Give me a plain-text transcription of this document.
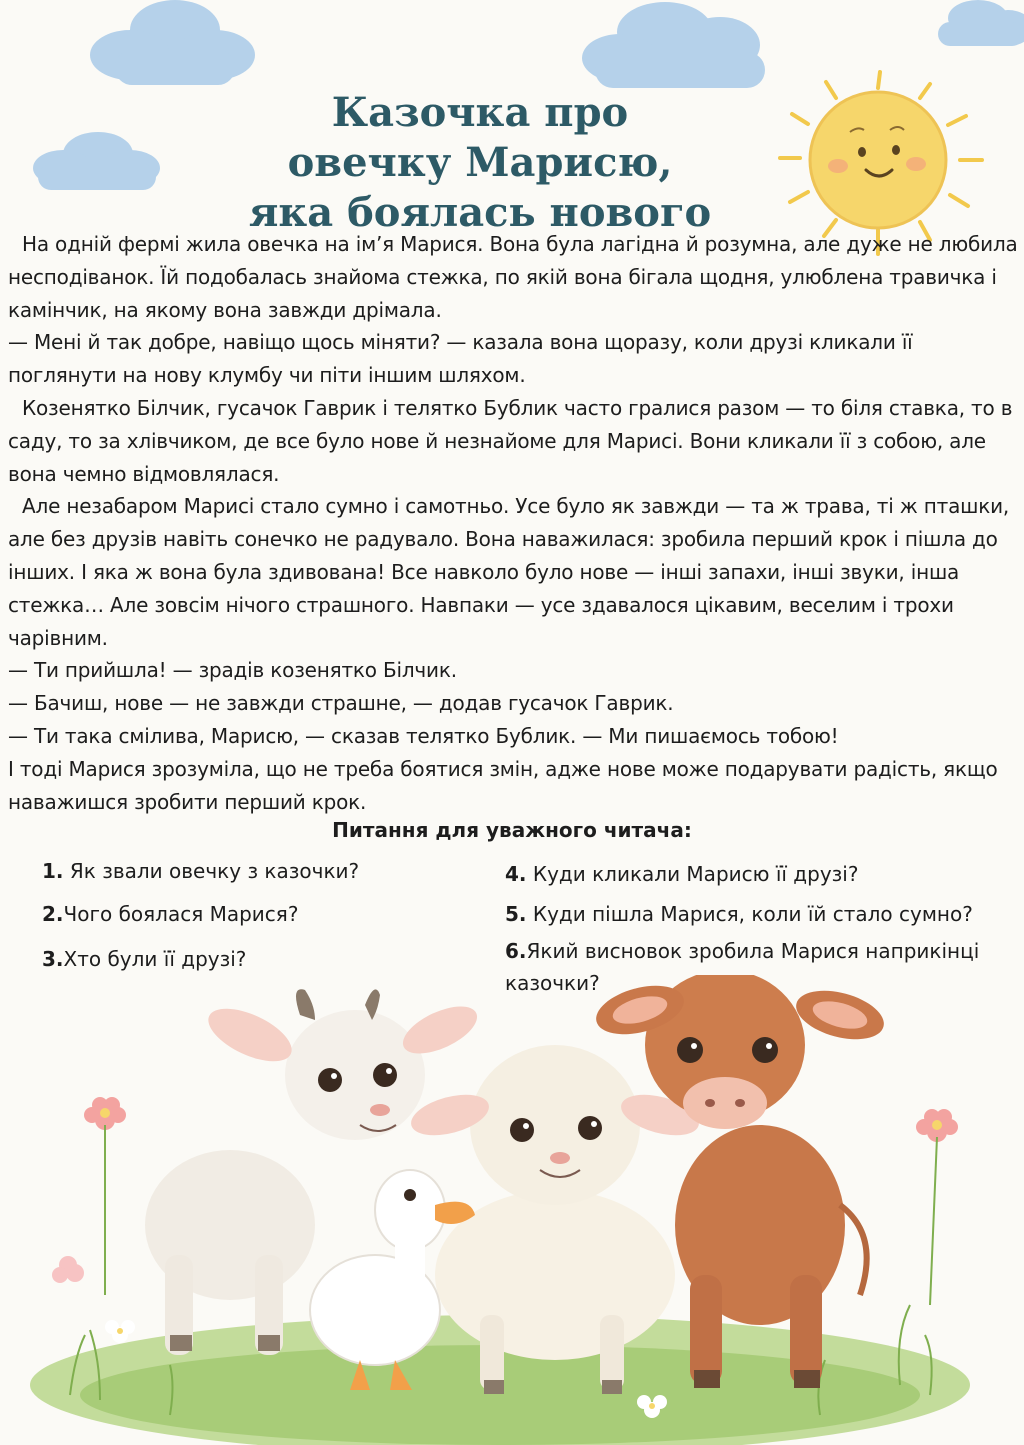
Казочка про
овечку Марисю,
яка боялась нового

На одній фермі жила овечка на ім’я Марися. Вона була лагідна й розумна, але дуже не любила несподіванок. Їй подобалась знайома стежка, по якій вона бігала щодня, улюблена травичка і камінчик, на якому вона завжди дрімала.

— Мені й так добре, навіщо щось міняти? — казала вона щоразу, коли друзі кликали її поглянути на нову клумбу чи піти іншим шляхом.

Козенятко Білчик, гусачок Гаврик і телятко Бублик часто гралися разом — то біля ставка, то в саду, то за хлівчиком, де все було нове й незнайоме для Марисі. Вони кликали її з собою, але вона чемно відмовлялася.

Але незабаром Марисі стало сумно і самотньо. Усе було як завжди — та ж трава, ті ж пташки, але без друзів навіть сонечко не радувало. Вона наважилася: зробила перший крок і пішла до інших. І яка ж вона була здивована! Все навколо було нове — інші запахи, інші звуки, інша стежка… Але зовсім нічого страшного. Навпаки — усе здавалося цікавим, веселим і трохи чарівним.

— Ти прийшла! — зрадів козенятко Білчик.

— Бачиш, нове — не завжди страшне, — додав гусачок Гаврик.

— Ти така смілива, Марисю, — сказав телятко Бублик. — Ми пишаємось тобою!

І тоді Марися зрозуміла, що не треба боятися змін, адже нове може подарувати радість, якщо наважишся зробити перший крок.

Питання для уважного читача:

1. Як звали овечку з казочки?

2.Чого боялася Марися?

3.Хто були її друзі?

4. Куди кликали Марисю її друзі?

5. Куди пішла Марися, коли їй стало сумно?

6.Який висновок зробила Марися наприкінці казочки?
